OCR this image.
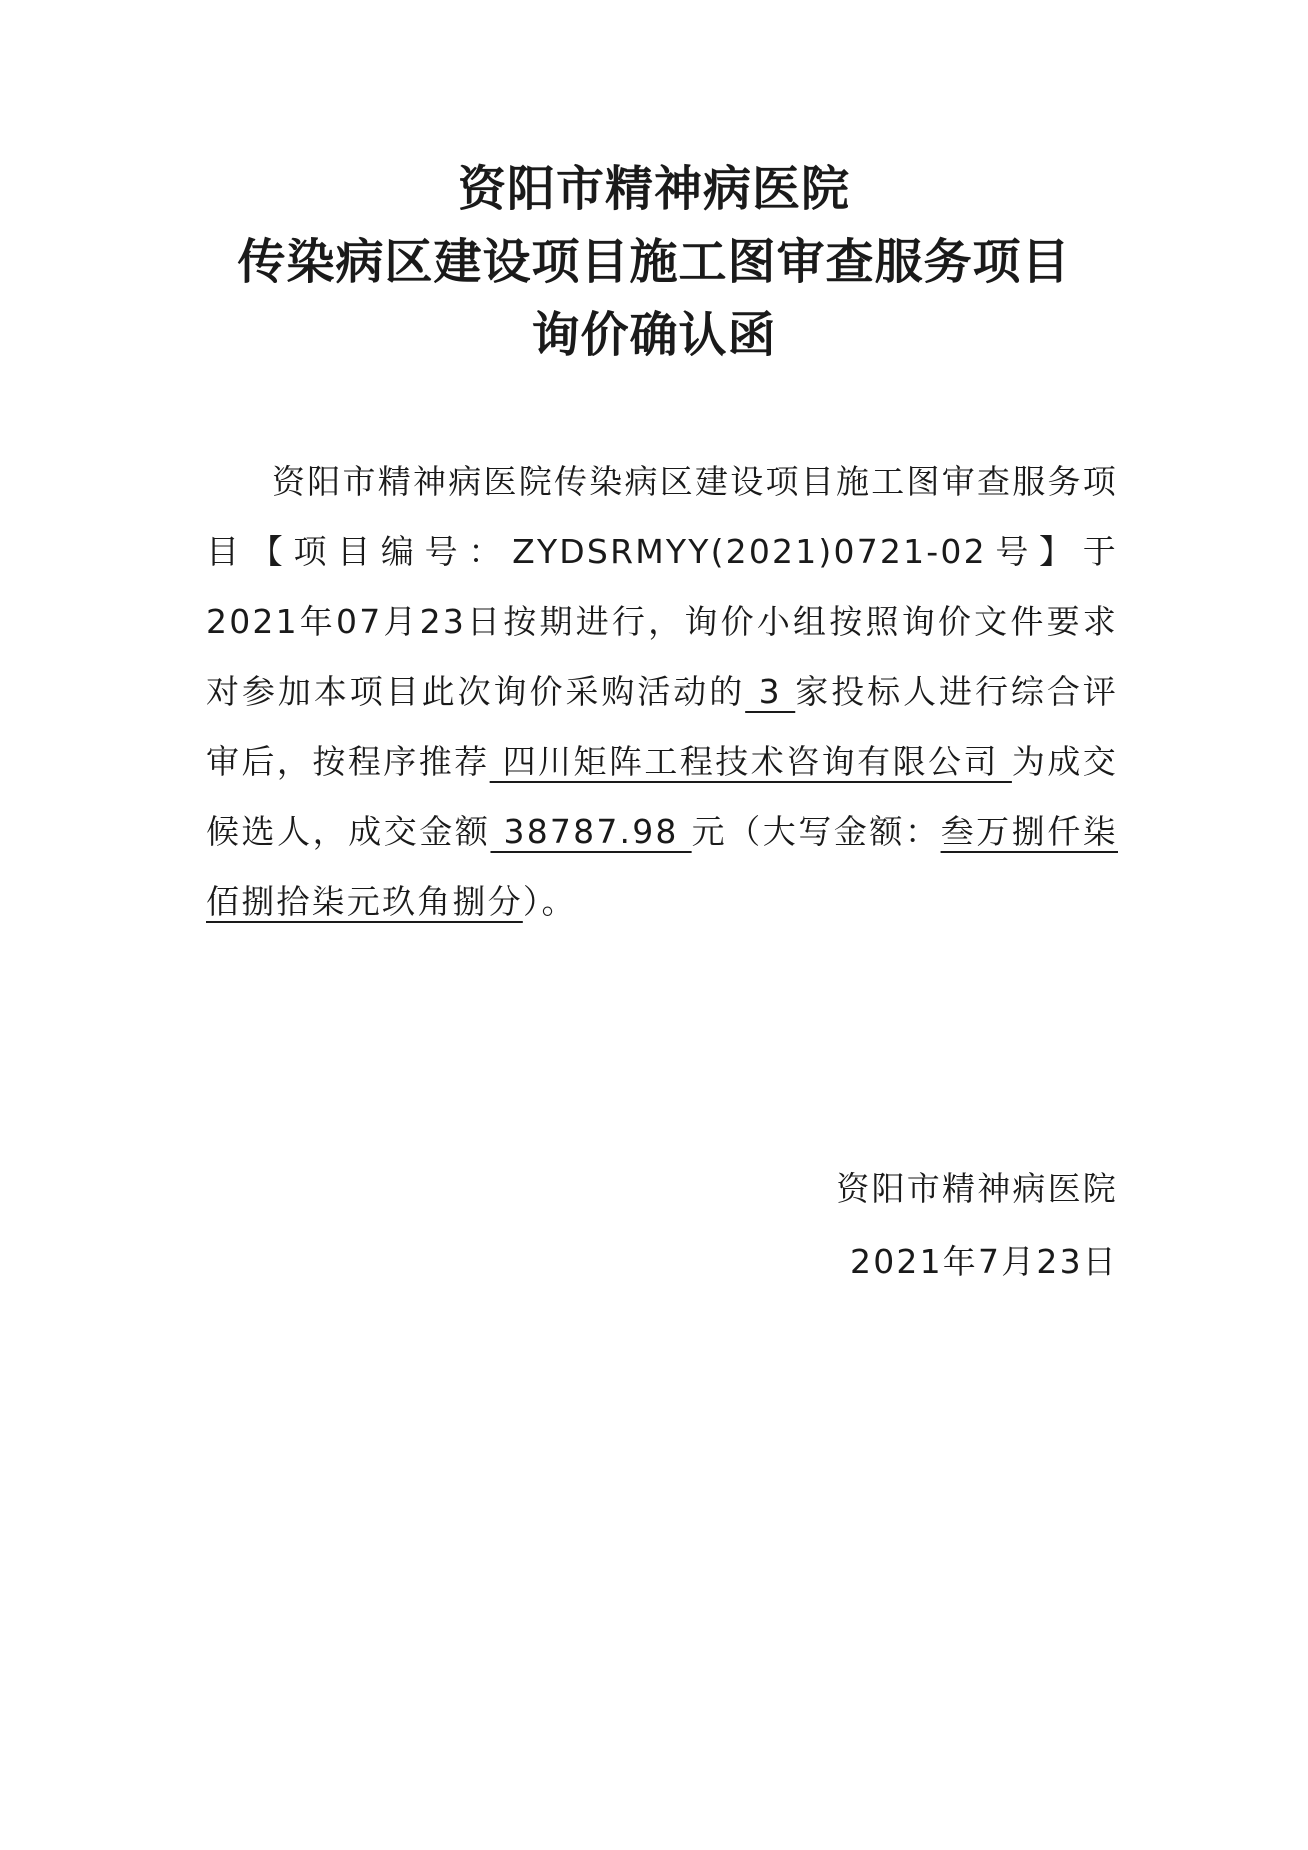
资阳市精神病医院
传染病区建设项目施工图审查服务项目
询价确认函

资阳市精神病医院传染病区建设项目施工图审查服务项目【项目编号：ZYDSRMYY(2021)0721-02号】于2021年07月23日按期进行，询价小组按照询价文件要求对参加本项目此次询价采购活动的 3 家投标人进行综合评审后，按程序推荐 四川矩阵工程技术咨询有限公司 为成交候选人，成交金额 38787.98 元（大写金额：叁万捌仟柒佰捌拾柒元玖角捌分）。

资阳市精神病医院
2021年7月23日
